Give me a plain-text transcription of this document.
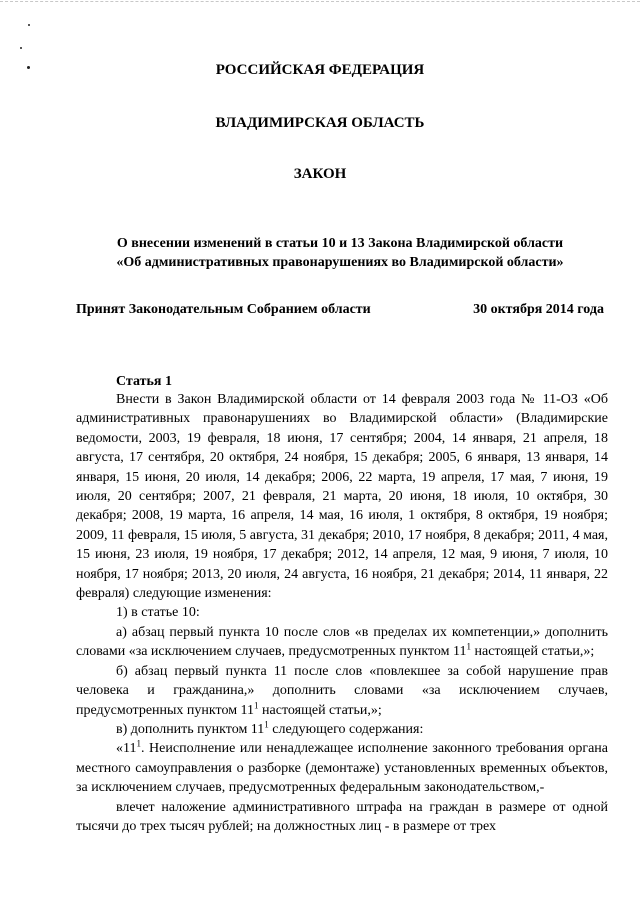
РОССИЙСКАЯ ФЕДЕРАЦИЯ
ВЛАДИМИРСКАЯ ОБЛАСТЬ
ЗАКОН
О внесении изменений в статьи 10 и 13 Закона Владимирской области
«Об административных правонарушениях во Владимирской области»
Принят Законодательным Собранием области	30 октября 2014 года
Статья 1

Внести в Закон Владимирской области от 14 февраля 2003 года № 11-ОЗ «Об административных правонарушениях во Владимирской области» (Владимирские ведомости, 2003, 19 февраля, 18 июня, 17 сентября; 2004, 14 января, 21 апреля, 18 августа, 17 сентября, 20 октября, 24 ноября, 15 декабря; 2005, 6 января, 13 января, 14 января, 15 июня, 20 июля, 14 декабря; 2006, 22 марта, 19 апреля, 17 мая, 7 июня, 19 июля, 20 сентября; 2007, 21 февраля, 21 марта, 20 июня, 18 июля, 10 октября, 30 декабря; 2008, 19 марта, 16 апреля, 14 мая, 16 июля, 1 октября, 8 октября, 19 ноября; 2009, 11 февраля, 15 июля, 5 августа, 31 декабря; 2010, 17 ноября, 8 декабря; 2011, 4 мая, 15 июня, 23 июля, 19 ноября, 17 декабря; 2012, 14 апреля, 12 мая, 9 июня, 7 июля, 10 ноября, 17 ноября; 2013, 20 июля, 24 августа, 16 ноября, 21 декабря; 2014, 11 января, 22 февраля) следующие изменения:

1) в статье 10:

а) абзац первый пункта 10 после слов «в пределах их компетенции,» дополнить словами «за исключением случаев, предусмотренных пунктом $11^1$ настоящей статьи,»;

б) абзац первый пункта 11 после слов «повлекшее за собой нарушение прав человека и гражданина,» дополнить словами «за исключением случаев, предусмотренных пунктом $11^1$ настоящей статьи,»;

в) дополнить пунктом $11^1$ следующего содержания:

«$11^1$. Неисполнение или ненадлежащее исполнение законного требования органа местного самоуправления о разборке (демонтаже) установленных временных объектов, за исключением случаев, предусмотренных федеральным законодательством,-

влечет наложение административного штрафа на граждан в размере от одной тысячи до трех тысяч рублей; на должностных лиц - в размере от трех
